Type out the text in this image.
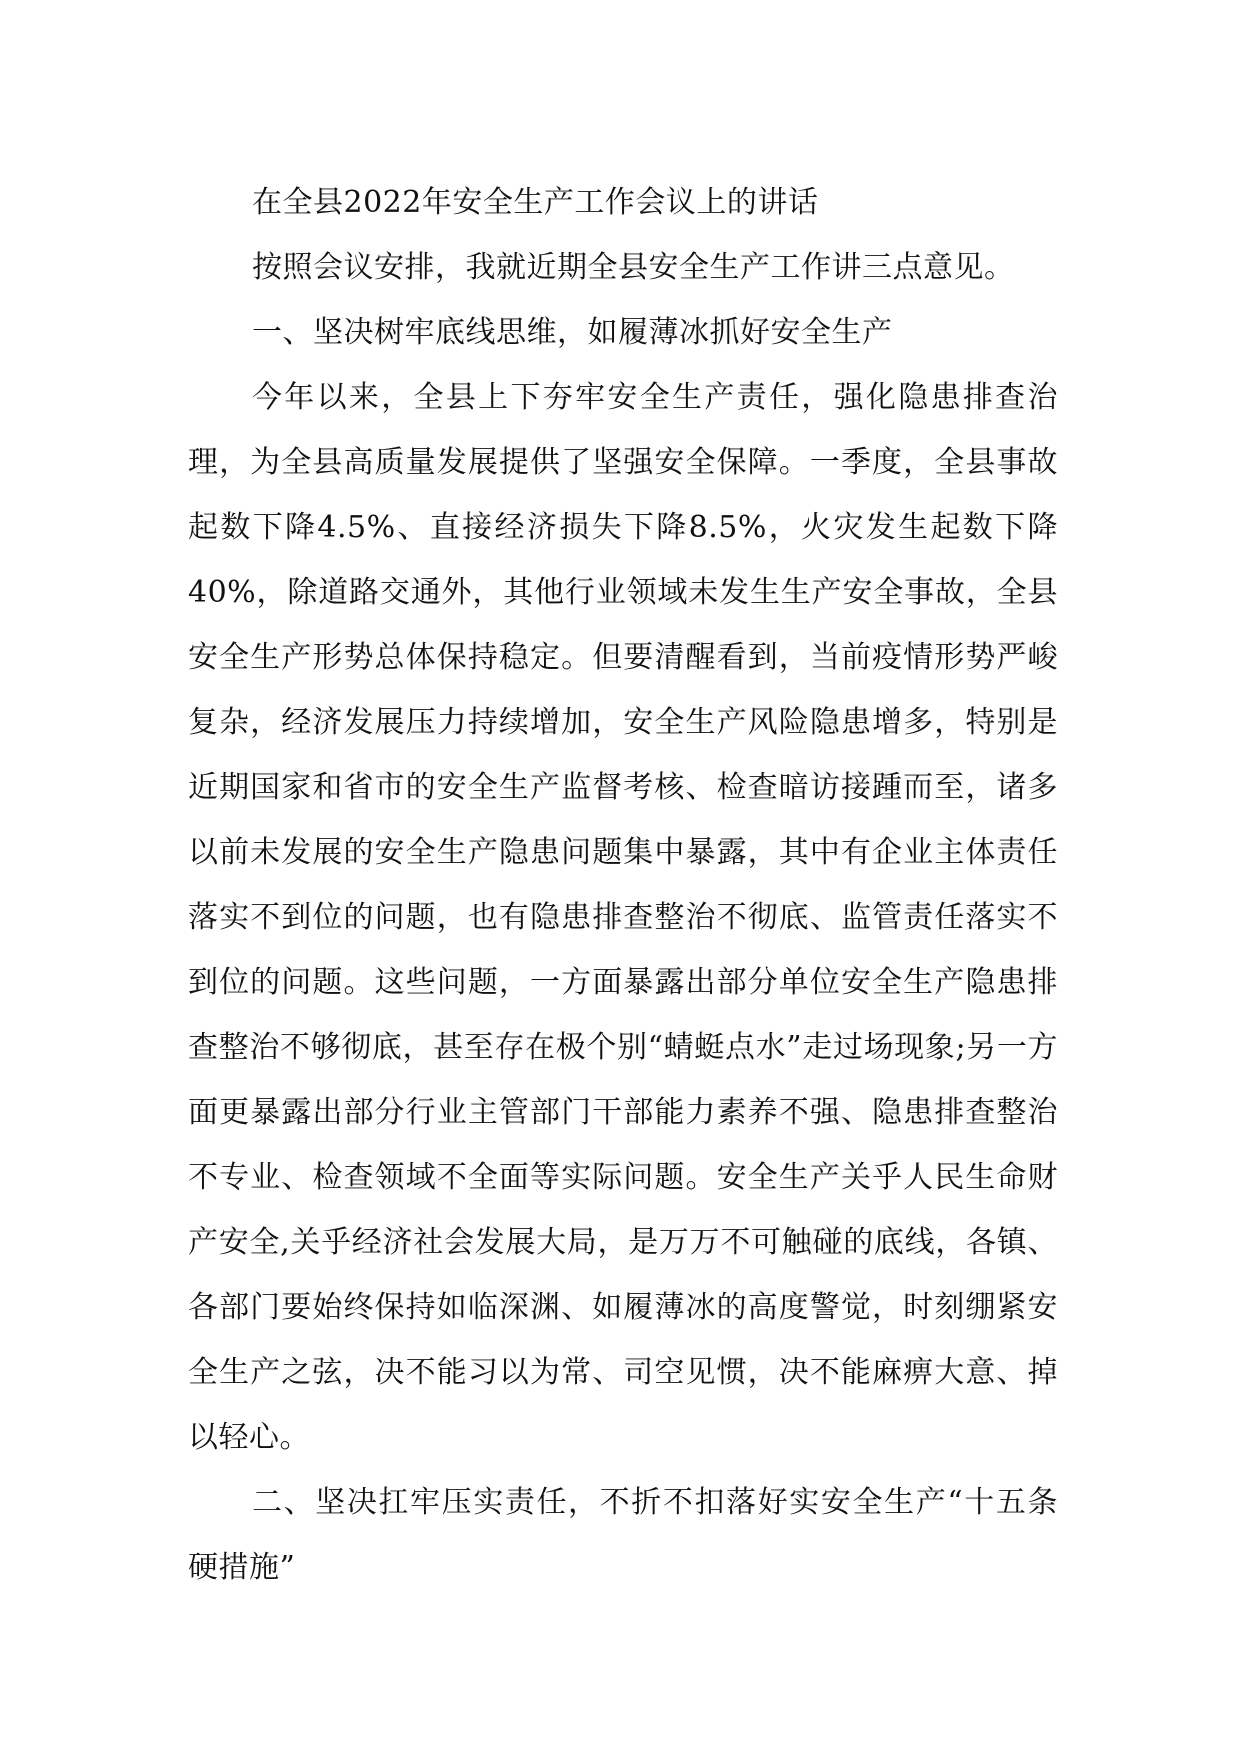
在全县2022年安全生产工作会议上的讲话

按照会议安排，我就近期全县安全生产工作讲三点意见。

一、坚决树牢底线思维，如履薄冰抓好安全生产

今年以来，全县上下夯牢安全生产责任，强化隐患排查治理，为全县高质量发展提供了坚强安全保障。一季度，全县事故起数下降4.5%、直接经济损失下降8.5%，火灾发生起数下降40%，除道路交通外，其他行业领域未发生生产安全事故，全县安全生产形势总体保持稳定。但要清醒看到，当前疫情形势严峻复杂，经济发展压力持续增加，安全生产风险隐患增多，特别是近期国家和省市的安全生产监督考核、检查暗访接踵而至，诸多以前未发展的安全生产隐患问题集中暴露，其中有企业主体责任落实不到位的问题，也有隐患排查整治不彻底、监管责任落实不到位的问题。这些问题，一方面暴露出部分单位安全生产隐患排查整治不够彻底，甚至存在极个别“蜻蜓点水”走过场现象;另一方面更暴露出部分行业主管部门干部能力素养不强、隐患排查整治不专业、检查领域不全面等实际问题。安全生产关乎人民生命财产安全,关乎经济社会发展大局，是万万不可触碰的底线，各镇、各部门要始终保持如临深渊、如履薄冰的高度警觉，时刻绷紧安全生产之弦，决不能习以为常、司空见惯，决不能麻痹大意、掉以轻心。

二、坚决扛牢压实责任，不折不扣落好实安全生产“十五条硬措施”
